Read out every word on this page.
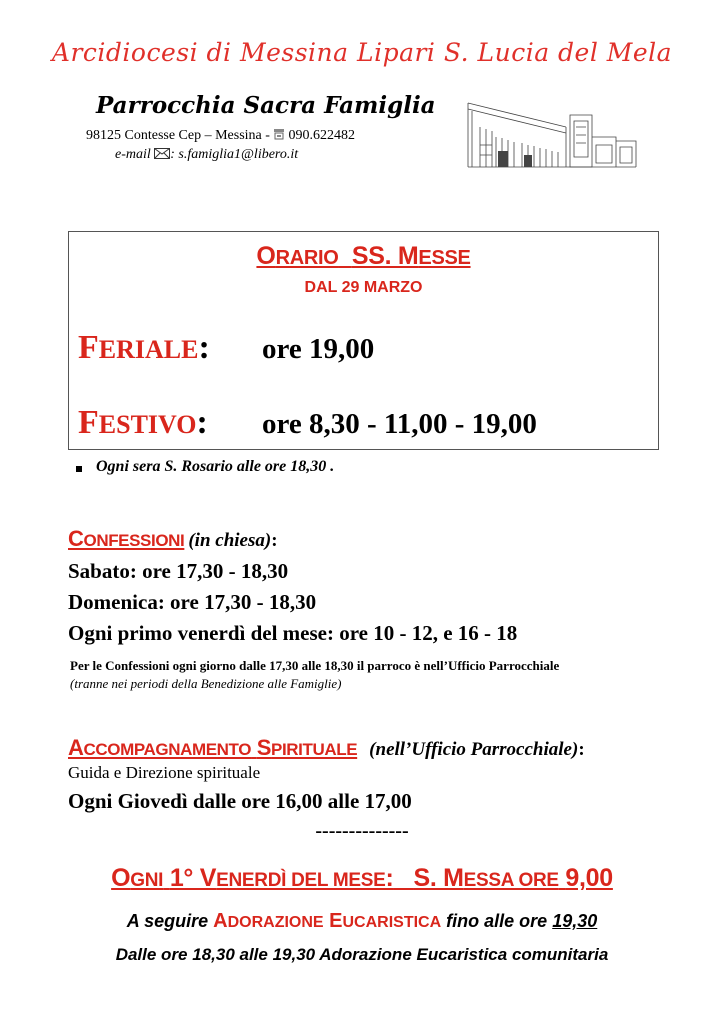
Arcidiocesi di Messina Lipari S. Lucia del Mela
Parrocchia Sacra Famiglia
98125 Contesse Cep – Messina - 090.622482
e-mail : s.famiglia1@libero.it
ORARIO SS. MESSE
DAL 29 MARZO
FERIALE: ore 19,00
FESTIVO: ore 8,30 - 11,00 - 19,00
Ogni sera S. Rosario alle ore 18,30 .
CONFESSIONI (in chiesa):
Sabato: ore 17,30 - 18,30
Domenica: ore 17,30 - 18,30
Ogni primo venerdì del mese: ore 10 - 12, e 16 - 18
Per le Confessioni ogni giorno dalle 17,30 alle 18,30 il parroco è nell’Ufficio Parrocchiale
(tranne nei periodi della Benedizione alle Famiglie)
ACCOMPAGNAMENTO SPIRITUALE (nell’Ufficio Parrocchiale):
Guida e Direzione spirituale
Ogni Giovedì dalle ore 16,00 alle 17,00
--------------
OGNI 1° VENERDÌ DEL MESE: S. MESSA ORE 9,00
A seguire ADORAZIONE EUCARISTICA fino alle ore 19,30
Dalle ore 18,30 alle 19,30 Adorazione Eucaristica comunitaria
